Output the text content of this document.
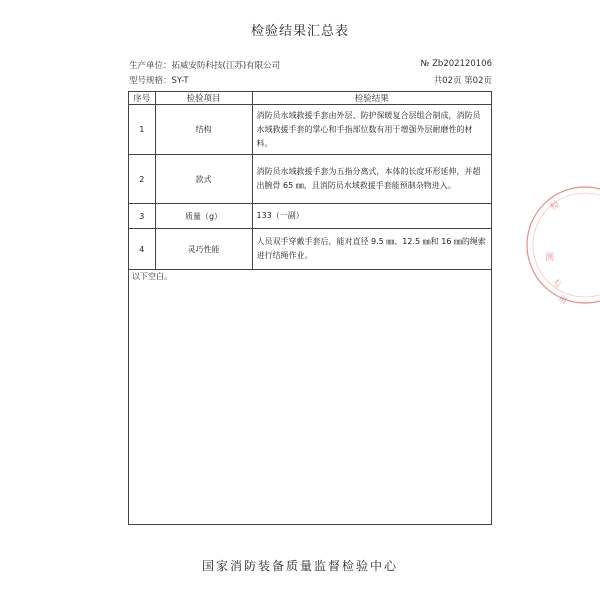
检验结果汇总表
生产单位：拓威安防科技(江苏)有限公司	№ Zb202120106
型号规格：SY-T	共02页 第02页
序号	检验项目	检验结果
1	结构	消防员水域救援手套由外层、防护保暖复合层组合制成，消防员水域救援手套的掌心和手指部位数有用于增强外层耐磨性的材料。
2	款式	消防员水域救援手套为五指分离式，本体的长度环形延伸，并超出腕骨 65 ㎜，且消防员水域救援手套能预制杂物进入。
3	质量（g）	133（一副）
4	灵巧性能	人员双手穿戴手套后，能对直径 9.5 ㎜、12.5 ㎜和 16 ㎜的绳索进行结绳作业。
以下空白。
检
测
专
用
国家消防装备质量监督检验中心
